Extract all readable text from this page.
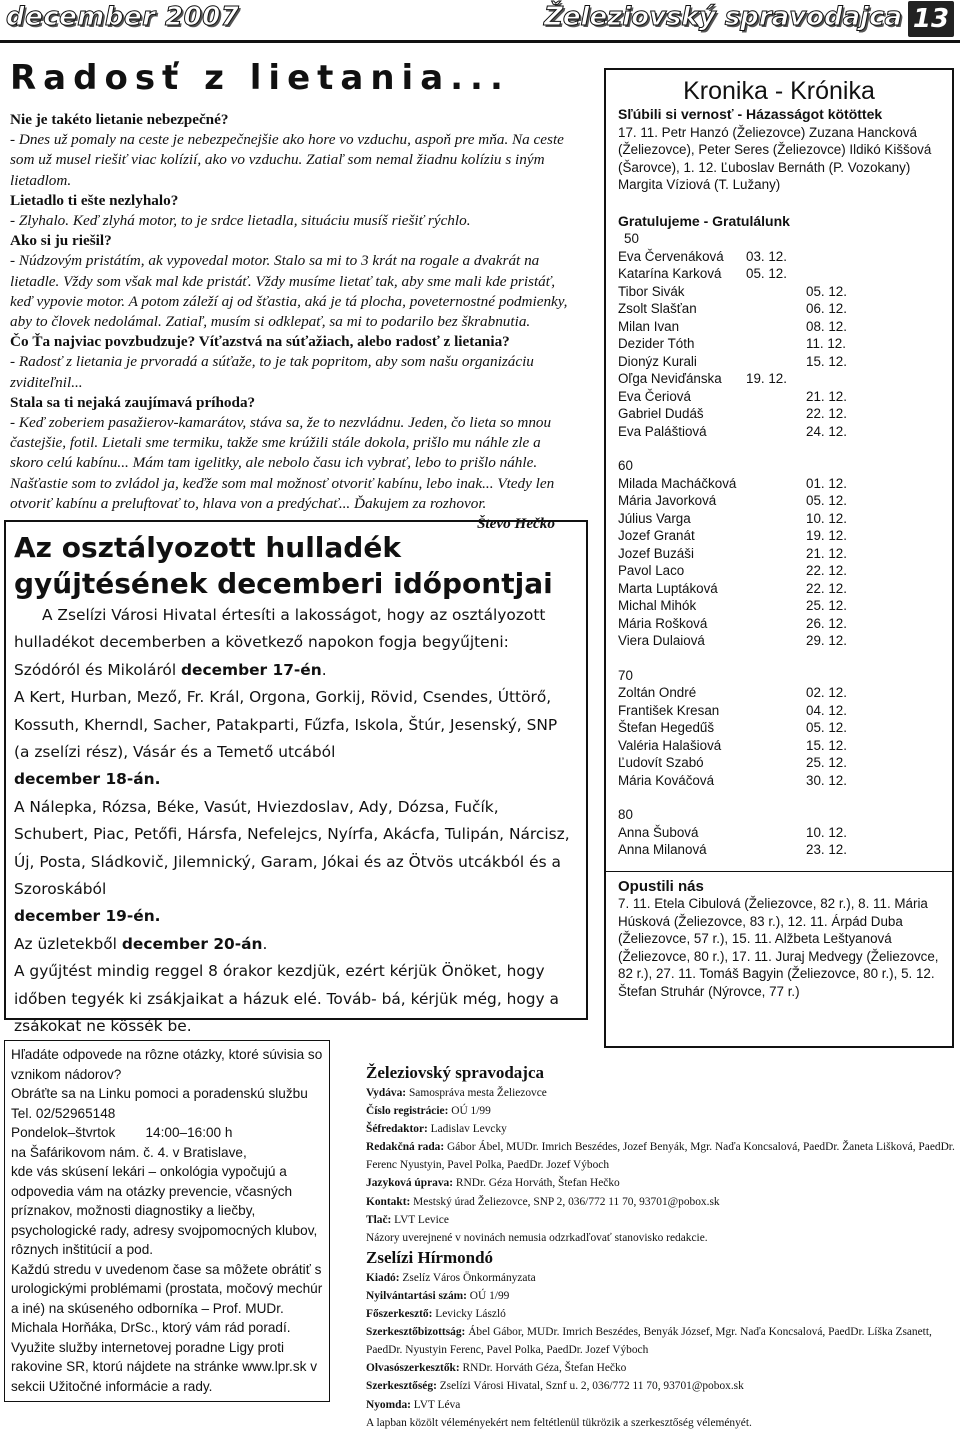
december 2007	Železiovský spravodajca 13
Radosť z lietania...

Nie je takéto lietanie nebezpečné?

- Dnes už pomaly na ceste je nebezpečnejšie ako hore vo vzduchu, aspoň pre mňa. Na ceste som už musel riešiť viac kolízií, ako vo vzduchu. Zatiaľ som nemal žiadnu kolíziu s iným lietadlom.

Lietadlo ti ešte nezlyhalo?

- Zlyhalo. Keď zlyhá motor, to je srdce lietadla, situáciu musíš riešiť rýchlo.

Ako si ju riešil?

- Núdzovým pristátím, ak vypovedal motor. Stalo sa mi to 3 krát na rogale a dvakrát na lietadle. Vždy som však mal kde pristáť. Vždy musíme lietať tak, aby sme mali kde pristáť, keď vypovie motor. A potom záleží aj od šťastia, aká je tá plocha, poveternostné podmienky, aby to človek nedolámal. Zatiaľ, musím si odklepať, sa mi to podarilo bez škrabnutia.

Čo Ťa najviac povzbudzuje? Víťazstvá na súťažiach, alebo radosť z lietania?

- Radosť z lietania je prvoradá a súťaže, to je tak popritom, aby som našu organizáciu zviditeľnil...

Stala sa ti nejaká zaujímavá príhoda?

- Keď zoberiem pasažierov-kamarátov, stáva sa, že to nezvládnu. Jeden, čo lieta so mnou častejšie, fotil. Lietali sme termiku, takže sme krúžili stále dokola, prišlo mu náhle zle a skoro celú kabínu... Mám tam igelitky, ale nebolo času ich vybrať, lebo to prišlo náhle. Našťastie som to zvládol ja, keďže som mal možnosť otvoriť kabínu, lebo inak... Vtedy len otvoriť kabínu a preluftovať to, hlava von a predýchať... Ďakujem za rozhovor.

Števo Hečko

Az osztályozott hulladék gyűjtésének decemberi időpontjai

A Zselízi Városi Hivatal értesíti a lakosságot, hogy az osztályozott hulladékot decemberben a következő napokon fogja begyűjteni:

Szódóról és Mikoláról december 17-én.

A Kert, Hurban, Mező, Fr. Král, Orgona, Gorkij, Rövid, Csendes, Úttörő, Kossuth, Kherndl, Sacher, Patakparti, Fűzfa, Iskola, Štúr, Jesenský, SNP (a zselízi rész), Vásár és a Temető utcából

december 18-án.

A Nálepka, Rózsa, Béke, Vasút, Hviezdoslav, Ady, Dózsa, Fučík, Schubert, Piac, Petőfi, Hársfa, Nefelejcs, Nyírfa, Akácfa, Tulipán, Nárcisz, Új, Posta, Sládkovič, Jilemnický, Garam, Jókai és az Ötvös utcákból és a Szoroskából

december 19-én.

Az üzletekből december 20-án.

A gyűjtést mindig reggel 8 órakor kezdjük, ezért kérjük Önöket, hogy időben tegyék ki zsákjaikat a házuk elé. Továb- bá, kérjük még, hogy a zsákokat ne kössék be.

Kronika - Krónika
Sľúbili si vernosť - Házasságot kötöttek
17. 11. Petr Hanzó (Želiezovce) Zuzana Hancková (Želiezovce), Peter Seres (Želiezovce) Ildikó Kiššová (Šarovce), 1. 12. Ľuboslav Bernáth (P. Vozokany) Margita Víziová (T. Lužany)
Gratulujeme - Gratulálunk
50
Eva Červenáková	03. 12.
Katarína Karková	05. 12.
Tibor Sivák	05. 12.
Zsolt Slašťan	06. 12.
Milan Ivan	08. 12.
Dezider Tóth	11. 12.
Dionýz Kurali	15. 12.
Oľga Neviďánska	19. 12.
Eva Čeriová	21. 12.
Gabriel Dudáš	22. 12.
Eva Paláštiová	24. 12.
60
Milada Macháčková	01. 12.
Mária Javorková	05. 12.
Július Varga	10. 12.
Jozef Granát	19. 12.
Jozef Buzáši	21. 12.
Pavol Laco	22. 12.
Marta Luptáková	22. 12.
Michal Mihók	25. 12.
Mária Rošková	26. 12.
Viera Dulaiová	29. 12.
70
Zoltán Ondré	02. 12.
František Kresan	04. 12.
Štefan Hegedűš	05. 12.
Valéria Halašiová	15. 12.
Ľudovít Szabó	25. 12.
Mária Kováčová	30. 12.
80
Anna Šubová	10. 12.
Anna Milanová	23. 12.
Opustili nás
7. 11. Etela Cibulová (Želiezovce, 82 r.), 8. 11. Mária Húsková (Želiezovce, 83 r.), 12. 11. Árpád Duba (Želiezovce, 57 r.), 15. 11. Alžbeta Leštyanová (Želiezovce, 80 r.), 17. 11. Juraj Medvegy (Želiezovce, 82 r.), 27. 11. Tomáš Bagyin (Želiezovce, 80 r.), 5. 12. Štefan Struhár (Nýrovce, 77 r.)

Hľadáte odpovede na rôzne otázky, ktoré súvisia so vznikom nádorov?

Obráťte sa na Linku pomoci a poradenskú službu

Tel. 02/52965148

Pondelok–štvrtok        14:00–16:00 h

na Šafárikovom nám. č. 4. v Bratislave,

kde vás skúsení lekári – onkológia vypočujú a odpovedia vám na otázky prevencie, včasných príznakov, možnosti diagnostiky a liečby, psychologické rady, adresy svojpomocných klubov, rôznych inštitúcií a pod.

Každú stredu v uvedenom čase sa môžete obrátiť s urologickými problémami (prostata, močový mechúr a iné) na skúseného odborníka – Prof. MUDr. Michala Horňáka, DrSc., ktorý vám rád poradí.

Využite služby internetovej poradne Ligy proti rakovine SR, ktorú nájdete na stránke www.lpr.sk v sekcii Užitočné informácie a rady.

Železiovský spravodajca

Vydáva: Samospráva mesta Želiezovce

Číslo registrácie: OÚ 1/99

Šéfredaktor: Ladislav Levcky

Redakčná rada: Gábor Ábel, MUDr. Imrich Beszédes, Jozef Benyák, Mgr. Naďa Koncsalová, PaedDr. Žaneta Lišková, PaedDr. Ferenc Nyustyin, Pavel Polka, PaedDr. Jozef Výboch

Jazyková úprava: RNDr. Géza Horváth, Štefan Hečko

Kontakt: Mestský úrad Želiezovce, SNP 2, 036/772 11 70, 93701@pobox.sk

Tlač: LVT Levice

Názory uverejnené v novinách nemusia odzrkadľovať stanovisko redakcie.

Zselízi Hírmondó

Kiadó: Zselíz Város Önkormányzata

Nyilvántartási szám: OÚ 1/99

Főszerkesztő: Levicky László

Szerkesztőbizottság: Ábel Gábor, MUDr. Imrich Beszédes, Benyák József, Mgr. Naďa Koncsalová, PaedDr. Líška Zsanett, PaedDr. Nyustyin Ferenc, Pavel Polka, PaedDr. Jozef Výboch

Olvasószerkesztők: RNDr. Horváth Géza, Štefan Hečko

Szerkesztőség: Zselízi Városi Hivatal, Sznf u. 2, 036/772 11 70, 93701@pobox.sk

Nyomda: LVT Léva

A lapban közölt véleményekért nem feltétlenül tükrözik a szerkesztőség véleményét.
